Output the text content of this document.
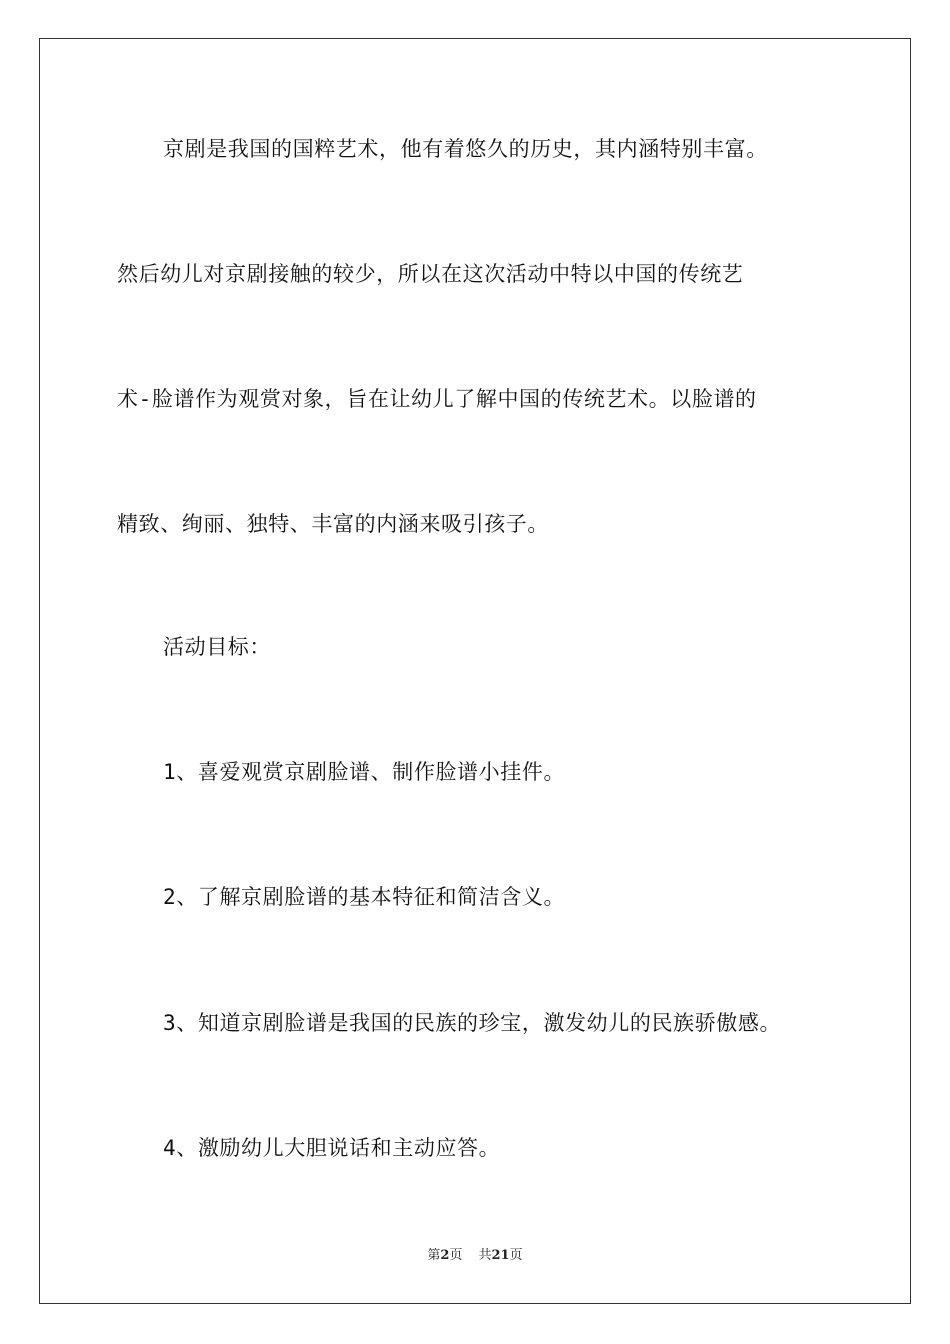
京剧是我国的国粹艺术，他有着悠久的历史，其内涵特别丰富。
然后幼儿对京剧接触的较少，所以在这次活动中特以中国的传统艺
术-脸谱作为观赏对象，旨在让幼儿了解中国的传统艺术。以脸谱的
精致、绚丽、独特、丰富的内涵来吸引孩子。
活动目标：
1、喜爱观赏京剧脸谱、制作脸谱小挂件。
2、了解京剧脸谱的基本特征和简洁含义。
3、知道京剧脸谱是我国的民族的珍宝，激发幼儿的民族骄傲感。
4、激励幼儿大胆说话和主动应答。
第2页 共21页
